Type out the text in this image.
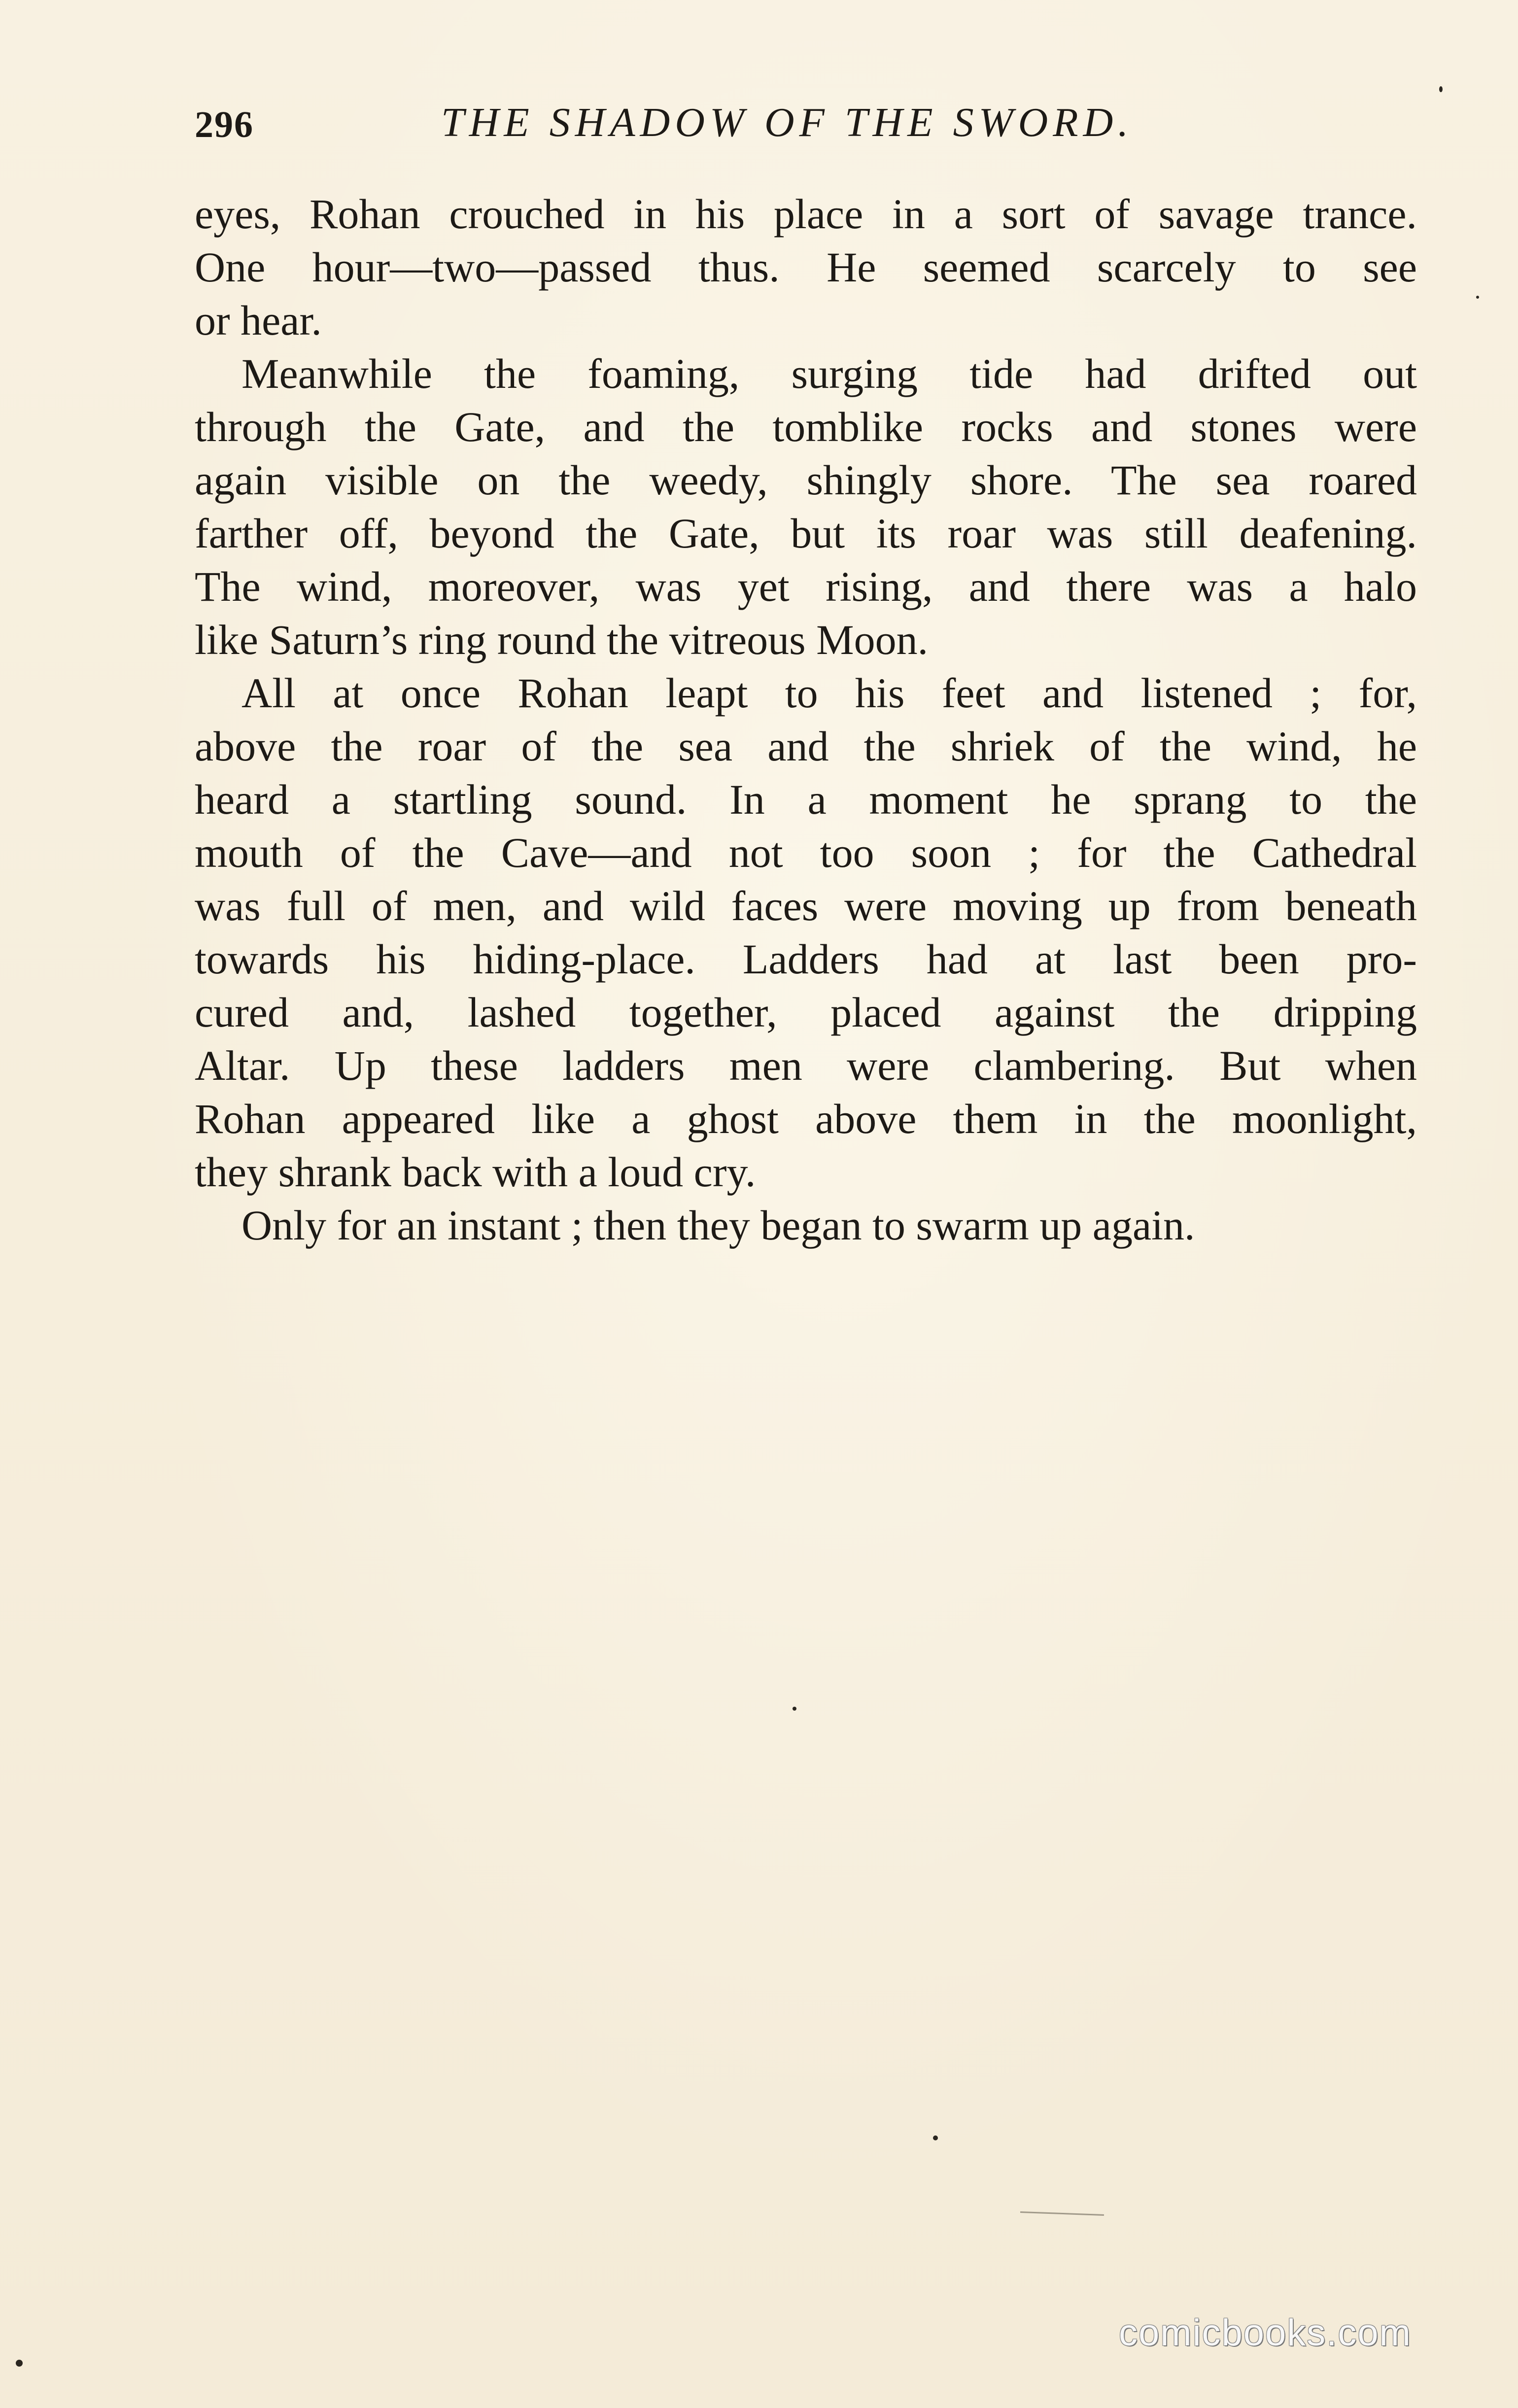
296	THE SHADOW OF THE SWORD.

eyes, Rohan crouched in his place in a sort of savage trance.
One hour—two—passed thus. He seemed scarcely to see
or hear.

Meanwhile the foaming, surging tide had drifted out
through the Gate, and the tomblike rocks and stones were
again visible on the weedy, shingly shore. The sea roared
farther off, beyond the Gate, but its roar was still deafening.
The wind, moreover, was yet rising, and there was a halo
like Saturn’s ring round the vitreous Moon.

All at once Rohan leapt to his feet and listened ; for,
above the roar of the sea and the shriek of the wind, he
heard a startling sound. In a moment he sprang to the
mouth of the Cave—and not too soon ; for the Cathedral
was full of men, and wild faces were moving up from beneath
towards his hiding-place. Ladders had at last been pro-
cured and, lashed together, placed against the dripping
Altar. Up these ladders men were clambering. But when
Rohan appeared like a ghost above them in the moonlight,
they shrank back with a loud cry.

Only for an instant ; then they began to swarm up again.

comicbooks.com
